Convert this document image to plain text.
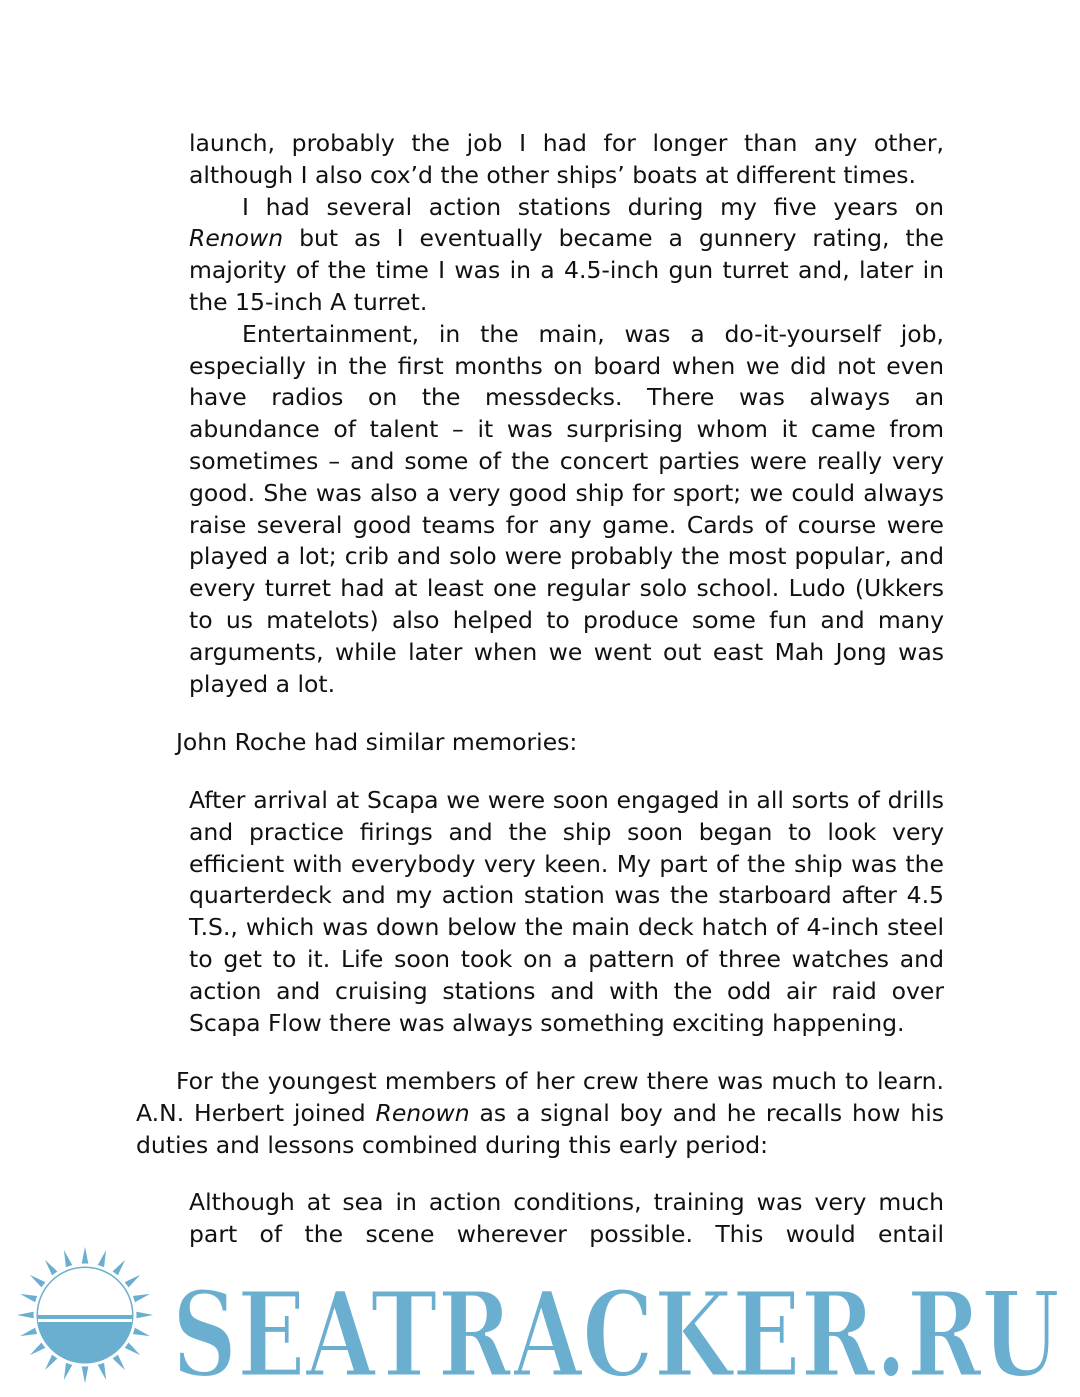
launch, probably the job I had for longer than any other, although I also cox’d the other ships’ boats at different times.

I had several action stations during my five years on Renown but as I eventually became a gunnery rating, the majority of the time I was in a 4.5-inch gun turret and, later in the 15-inch A turret.

Entertainment, in the main, was a do-it-yourself job, especially in the first months on board when we did not even have radios on the messdecks. There was always an abundance of talent – it was surprising whom it came from sometimes – and some of the concert parties were really very good. She was also a very good ship for sport; we could always raise several good teams for any game. Cards of course were played a lot; crib and solo were probably the most popular, and every turret had at least one regular solo school. Ludo (Ukkers to us matelots) also helped to produce some fun and many arguments, while later when we went out east Mah Jong was played a lot.

John Roche had similar memories:

After arrival at Scapa we were soon engaged in all sorts of drills and practice firings and the ship soon began to look very efficient with everybody very keen. My part of the ship was the quarterdeck and my action station was the starboard after 4.5 T.S., which was down below the main deck hatch of 4-inch steel to get to it. Life soon took on a pattern of three watches and action and cruising stations and with the odd air raid over Scapa Flow there was always something exciting happening.

For the youngest members of her crew there was much to learn. A.N. Herbert joined Renown as a signal boy and he recalls how his duties and lessons combined during this early period:

Although at sea in action conditions, training was very much part of the scene wherever possible. This would entail

SEATRACKER.RU
